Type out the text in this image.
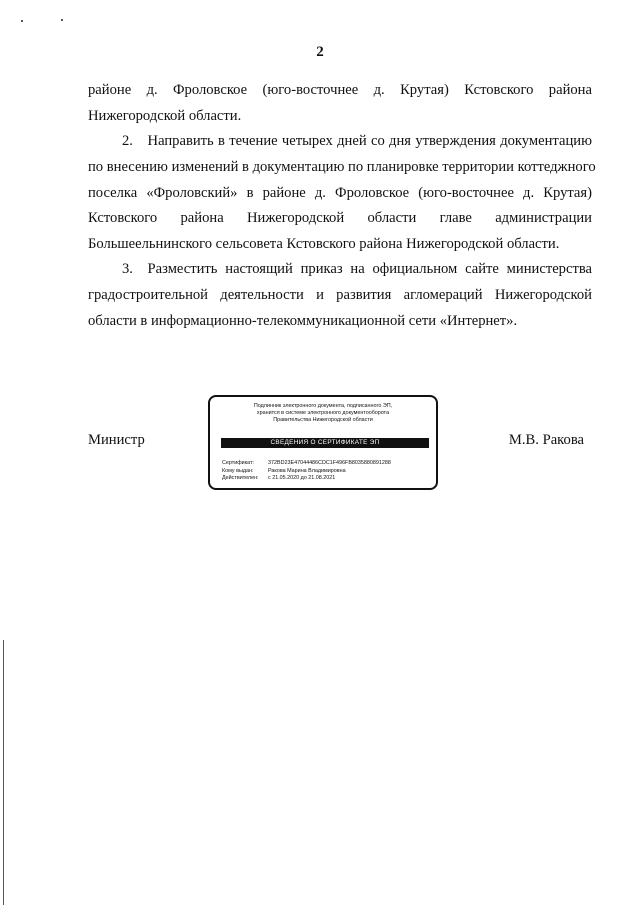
2
районе д. Фроловское (юго-восточнее д. Крутая) Кстовского района
Нижегородской области.
2. Направить в течение четырех дней со дня утверждения документацию
по внесению изменений в документацию по планировке территории коттеджного
поселка «Фроловский» в районе д. Фроловское (юго-восточнее д. Крутая)
Кстовского района Нижегородской области главе администрации
Большеельнинского сельсовета Кстовского района Нижегородской области.
3. Разместить настоящий приказ на официальном сайте министерства
градостроительной деятельности и развития агломераций Нижегородской
области в информационно-телекоммуникационной сети «Интернет».
Министр	М.В. Ракова
Подлинник электронного документа, подписанного ЭП,
хранится в системе электронного документооборота
Правительства Нижегородской области
СВЕДЕНИЯ О СЕРТИФИКАТЕ ЭП
Сертификат:	372BD23E47044486CDC1F496FB8035880891288
Кому выдан:	Ракова Марина Владимировна
Действителен: с 21.05.2020 до 21.08.2021
